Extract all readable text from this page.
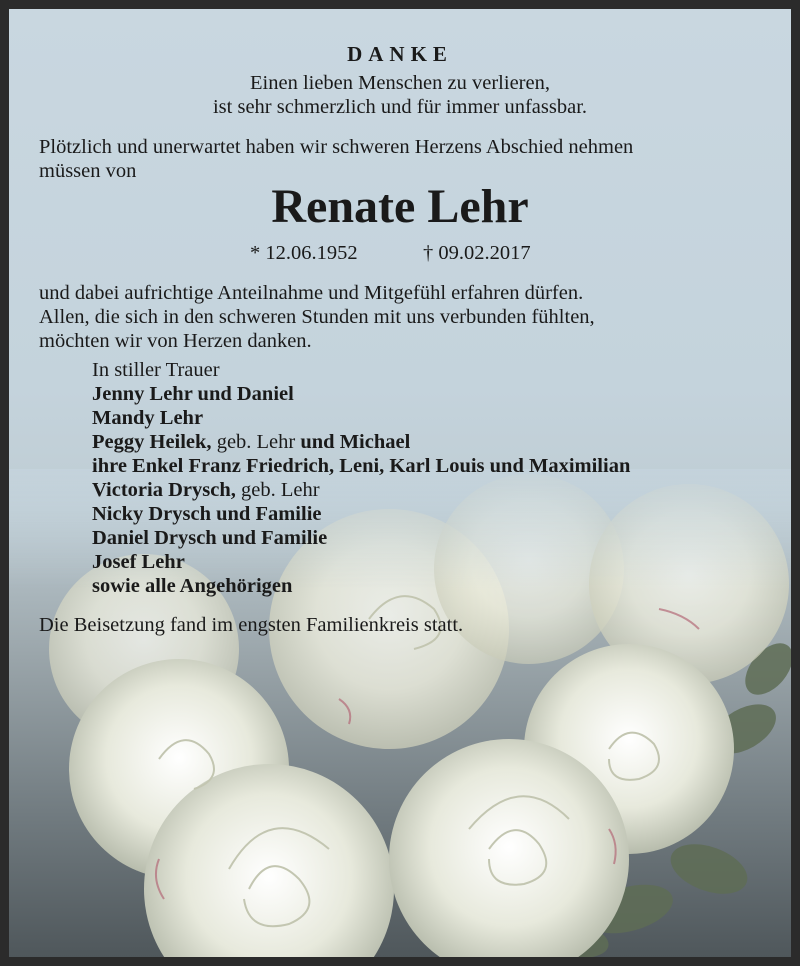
DANKE
Einen lieben Menschen zu verlieren,
ist sehr schmerzlich und für immer unfassbar.
Plötzlich und unerwartet haben wir schweren Herzens Abschied nehmen
müssen von
Renate Lehr
* 12.06.1952	† 09.02.2017
und dabei aufrichtige Anteilnahme und Mitgefühl erfahren dürfen.
Allen, die sich in den schweren Stunden mit uns verbunden fühlten,
möchten wir von Herzen danken.
In stiller Trauer
Jenny Lehr und Daniel
Mandy Lehr
Peggy Heilek, geb. Lehr und Michael
ihre Enkel Franz Friedrich, Leni, Karl Louis und Maximilian
Victoria Drysch, geb. Lehr
Nicky Drysch und Familie
Daniel Drysch und Familie
Josef Lehr
sowie alle Angehörigen
Die Beisetzung fand im engsten Familienkreis statt.
